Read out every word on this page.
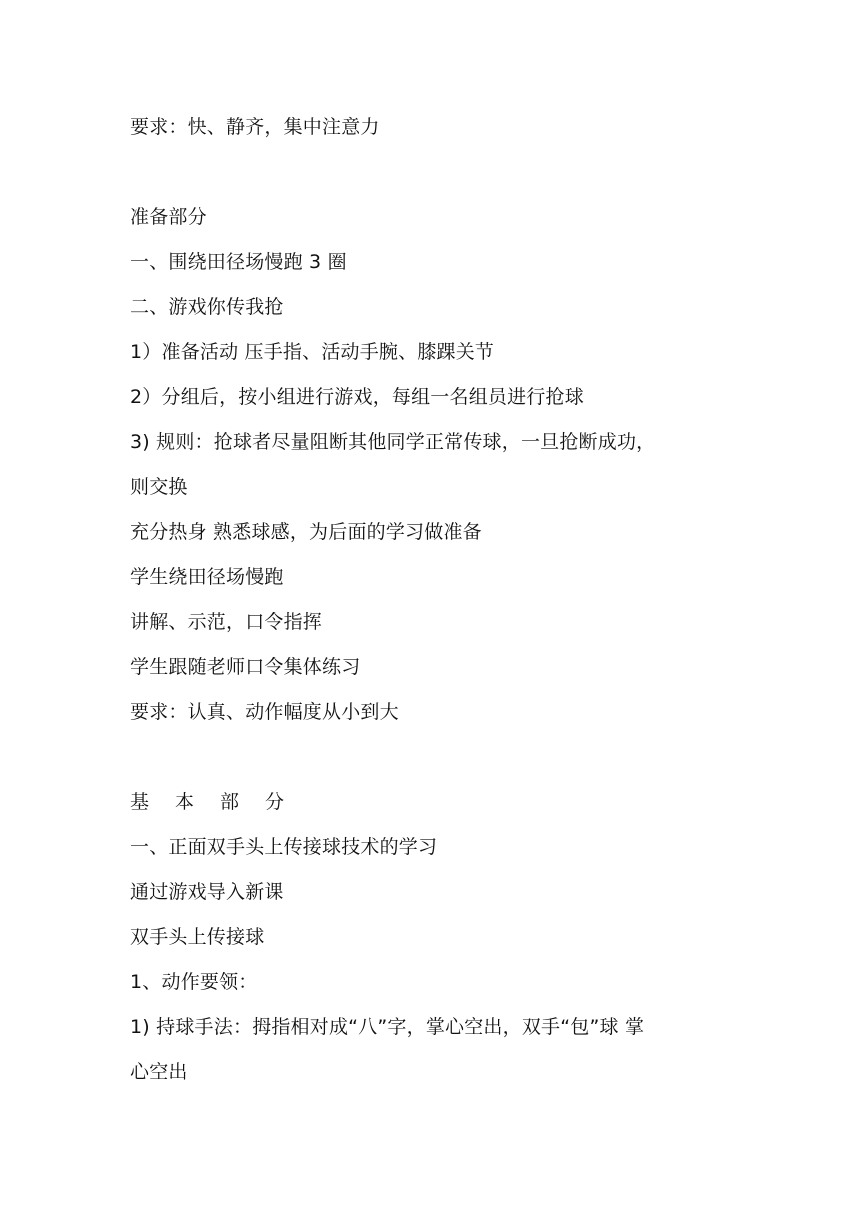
要求：快、静齐，集中注意力
准备部分
一、围绕田径场慢跑 3 圈
二、游戏你传我抢
1）准备活动 压手指、活动手腕、膝踝关节
2）分组后，按小组进行游戏，每组一名组员进行抢球
3) 规则：抢球者尽量阻断其他同学正常传球，一旦抢断成功，
则交换
充分热身 熟悉球感，为后面的学习做准备
学生绕田径场慢跑
讲解、示范，口令指挥
学生跟随老师口令集体练习
要求：认真、动作幅度从小到大
基本部分
一、正面双手头上传接球技术的学习
通过游戏导入新课
双手头上传接球
1、动作要领：
1) 持球手法：拇指相对成“八”字，掌心空出，双手“包”球 掌
心空出
